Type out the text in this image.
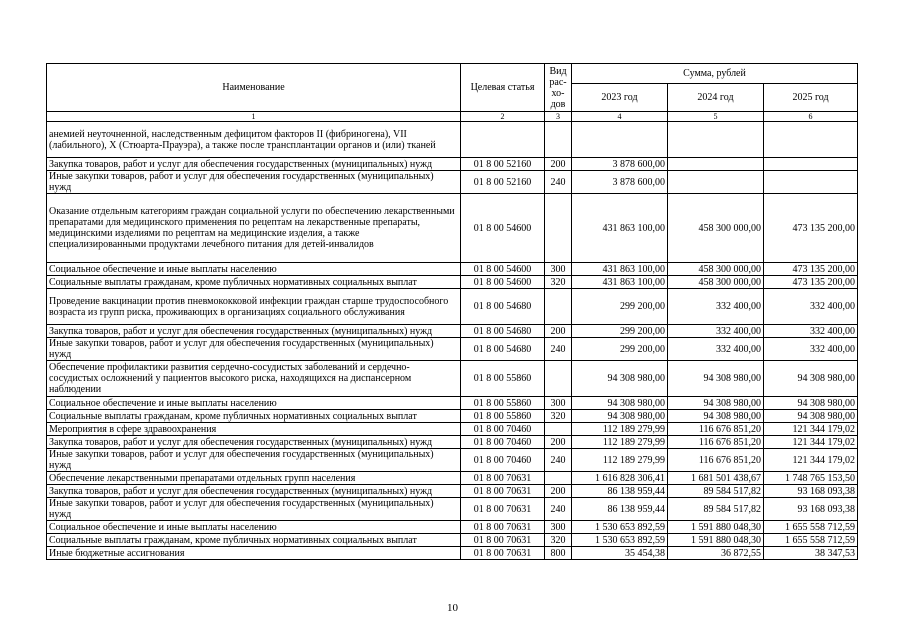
Наименование	Целевая статья	Вид рас- хо- дов	Сумма, рублей		
			2023 год	2024 год	2025 год
1	2	3	4	5	6
анемией неуточненной, наследственным дефицитом факторов II (фибриногена), VII (лабильного), X (Стюарта-Прауэра), а также после трансплантации органов и (или) тканей					
Закупка товаров, работ и услуг для обеспечения государственных (муниципальных) нужд	01 8 00 52160	200	3 878 600,00		
Иные закупки товаров, работ и услуг для обеспечения государственных (муниципальных) нужд	01 8 00 52160	240	3 878 600,00		
Оказание отдельным категориям граждан социальной услуги по обеспечению лекарственными препаратами для медицинского применения по рецептам на лекарственные препараты, медицинскими изделиями по рецептам на медицинские изделия, а также специализированными продуктами лечебного питания для детей-инвалидов	01 8 00 54600		431 863 100,00	458 300 000,00	473 135 200,00
Социальное обеспечение и иные выплаты населению	01 8 00 54600	300	431 863 100,00	458 300 000,00	473 135 200,00
Социальные выплаты гражданам, кроме публичных нормативных социальных выплат	01 8 00 54600	320	431 863 100,00	458 300 000,00	473 135 200,00
Проведение вакцинации против пневмококковой инфекции граждан старше трудоспособного возраста из групп риска, проживающих в организациях социального обслуживания	01 8 00 54680		299 200,00	332 400,00	332 400,00
Закупка товаров, работ и услуг для обеспечения государственных (муниципальных) нужд	01 8 00 54680	200	299 200,00	332 400,00	332 400,00
Иные закупки товаров, работ и услуг для обеспечения государственных (муниципальных) нужд	01 8 00 54680	240	299 200,00	332 400,00	332 400,00
Обеспечение профилактики развития сердечно-сосудистых заболеваний и сердечно-сосудистых осложнений у пациентов высокого риска, находящихся на диспансерном наблюдении	01 8 00 55860		94 308 980,00	94 308 980,00	94 308 980,00
Социальное обеспечение и иные выплаты населению	01 8 00 55860	300	94 308 980,00	94 308 980,00	94 308 980,00
Социальные выплаты гражданам, кроме публичных нормативных социальных выплат	01 8 00 55860	320	94 308 980,00	94 308 980,00	94 308 980,00
Мероприятия в сфере здравоохранения	01 8 00 70460		112 189 279,99	116 676 851,20	121 344 179,02
Закупка товаров, работ и услуг для обеспечения государственных (муниципальных) нужд	01 8 00 70460	200	112 189 279,99	116 676 851,20	121 344 179,02
Иные закупки товаров, работ и услуг для обеспечения государственных (муниципальных) нужд	01 8 00 70460	240	112 189 279,99	116 676 851,20	121 344 179,02
Обеспечение лекарственными препаратами отдельных групп населения	01 8 00 70631		1 616 828 306,41	1 681 501 438,67	1 748 765 153,50
Закупка товаров, работ и услуг для обеспечения государственных (муниципальных) нужд	01 8 00 70631	200	86 138 959,44	89 584 517,82	93 168 093,38
Иные закупки товаров, работ и услуг для обеспечения государственных (муниципальных) нужд	01 8 00 70631	240	86 138 959,44	89 584 517,82	93 168 093,38
Социальное обеспечение и иные выплаты населению	01 8 00 70631	300	1 530 653 892,59	1 591 880 048,30	1 655 558 712,59
Социальные выплаты гражданам, кроме публичных нормативных социальных выплат	01 8 00 70631	320	1 530 653 892,59	1 591 880 048,30	1 655 558 712,59
Иные бюджетные ассигнования	01 8 00 70631	800	35 454,38	36 872,55	38 347,53
10
